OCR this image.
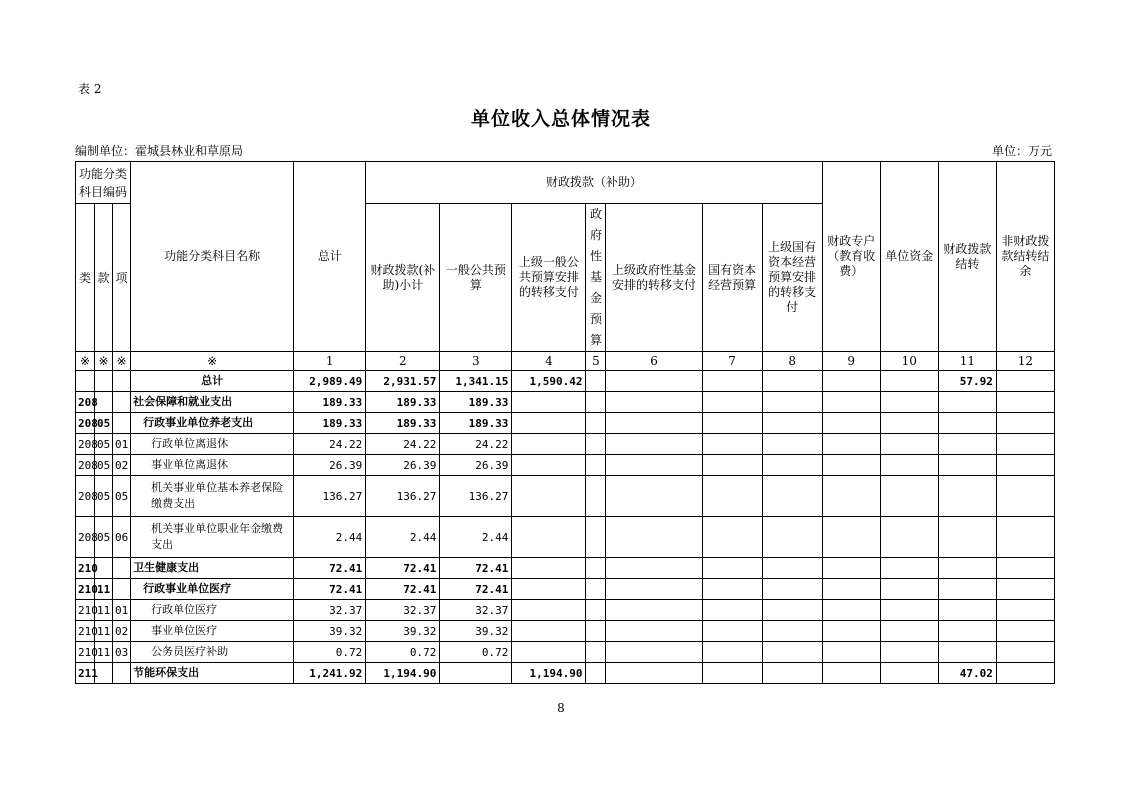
表 2
单位收入总体情况表
编制单位：霍城县林业和草原局	单位：万元
功能分类科目编码			功能分类科目名称	总计	财政拨款（补助）							财政专户（教育收费）	单位资金	财政拨款结转	非财政拨款结转结余
类	款	项			财政拨款(补助)小计	一般公共预算	上级一般公共预算安排的转移支付	政府性基金预算	上级政府性基金安排的转移支付	国有资本经营预算	上级国有资本经营预算安排的转移支付				
※	※	※	※	1	2	3	4	5	6	7	8	9	10	11	12
			总计	2,989.49	2,931.57	1,341.15	1,590.42							57.92	
208			社会保障和就业支出	189.33	189.33	189.33									
208	05		行政事业单位养老支出	189.33	189.33	189.33									
208	05	01	行政单位离退休	24.22	24.22	24.22									
208	05	02	事业单位离退休	26.39	26.39	26.39									
208	05	05	机关事业单位基本养老保险缴费支出	136.27	136.27	136.27									
208	05	06	机关事业单位职业年金缴费支出	2.44	2.44	2.44									
210			卫生健康支出	72.41	72.41	72.41									
210	11		行政事业单位医疗	72.41	72.41	72.41									
210	11	01	行政单位医疗	32.37	32.37	32.37									
210	11	02	事业单位医疗	39.32	39.32	39.32									
210	11	03	公务员医疗补助	0.72	0.72	0.72									
211			节能环保支出	1,241.92	1,194.90		1,194.90							47.02	
8
